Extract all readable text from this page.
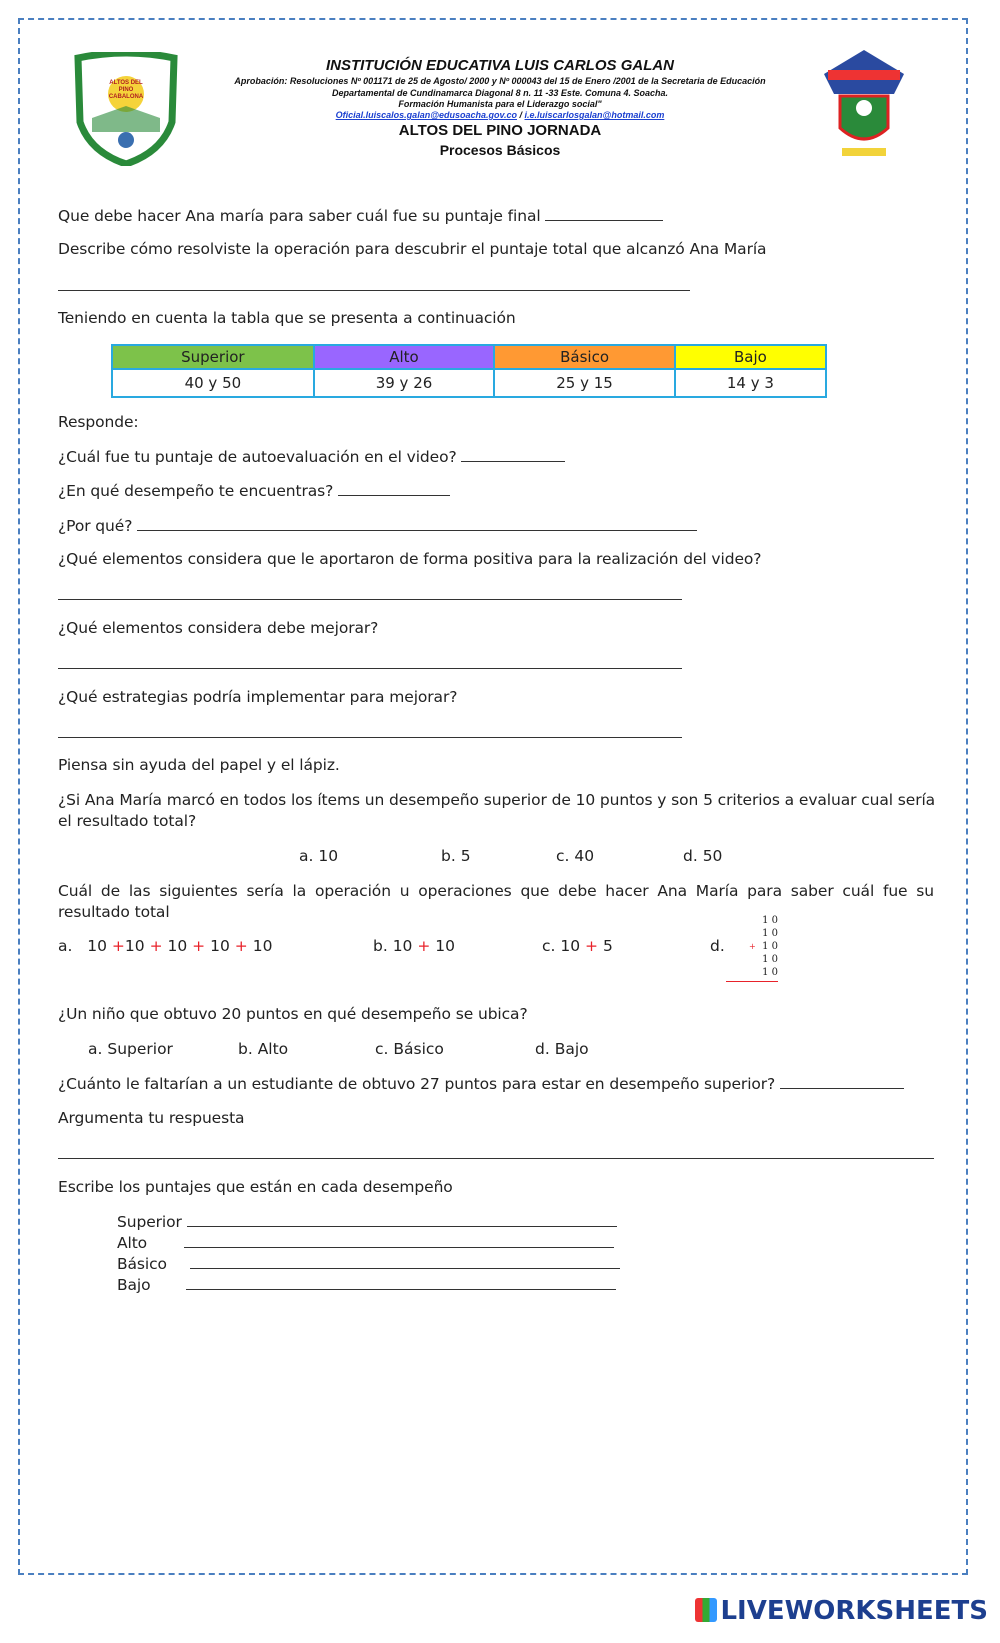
ALTOS DEL PINO CABALONA
INSTITUCIÓN EDUCATIVA LUIS CARLOS GALAN
Aprobación: Resoluciones Nº 001171 de 25 de Agosto/ 2000 y Nº 000043 del 15 de Enero /2001 de la Secretaria de Educación
Departamental de Cundinamarca Diagonal 8 n. 11 -33 Este. Comuna 4. Soacha.
Formación Humanista para el Liderazgo social"
Oficial.luiscalos.galan@edusoacha.gov.co / i.e.luiscarlosgalan@hotmail.com
ALTOS DEL PINO JORNADA
Procesos Básicos
Que debe hacer Ana maría para saber cuál fue su puntaje final
Describe cómo resolviste la operación para descubrir el puntaje total que alcanzó Ana María
Teniendo en cuenta la tabla que se presenta a continuación
Superior	Alto	Básico	Bajo
40 y 50	39 y 26	25 y 15	14 y 3
Responde:
¿Cuál fue tu puntaje de autoevaluación en el video?
¿En qué desempeño te encuentras?
¿Por qué?
¿Qué elementos considera que le aportaron de forma positiva para la realización del video?
¿Qué elementos considera debe mejorar?
¿Qué estrategias podría implementar para mejorar?
Piensa sin ayuda del papel y el lápiz.
¿Si Ana María marcó en todos los ítems un desempeño superior de 10 puntos y son 5 criterios a evaluar cual sería
el resultado total?
a. 10	b. 5	c. 40	d. 50
Cuál de las siguientes sería la operación u operaciones que debe hacer Ana María para saber cuál fue su
resultado total
a. 10 +10 + 10 + 10 + 10	b. 10 + 10	c. 10 + 5	d.
1 0
1 0
+ 1 0
1 0
1 0
¿Un niño que obtuvo 20 puntos en qué desempeño se ubica?
a. Superior	b. Alto	c. Básico	d. Bajo
¿Cuánto le faltarían a un estudiante de obtuvo 27 puntos para estar en desempeño superior?
Argumenta tu respuesta
Escribe los puntajes que están en cada desempeño
Superior
Alto
Básico
Bajo
LIVEWORKSHEETS
